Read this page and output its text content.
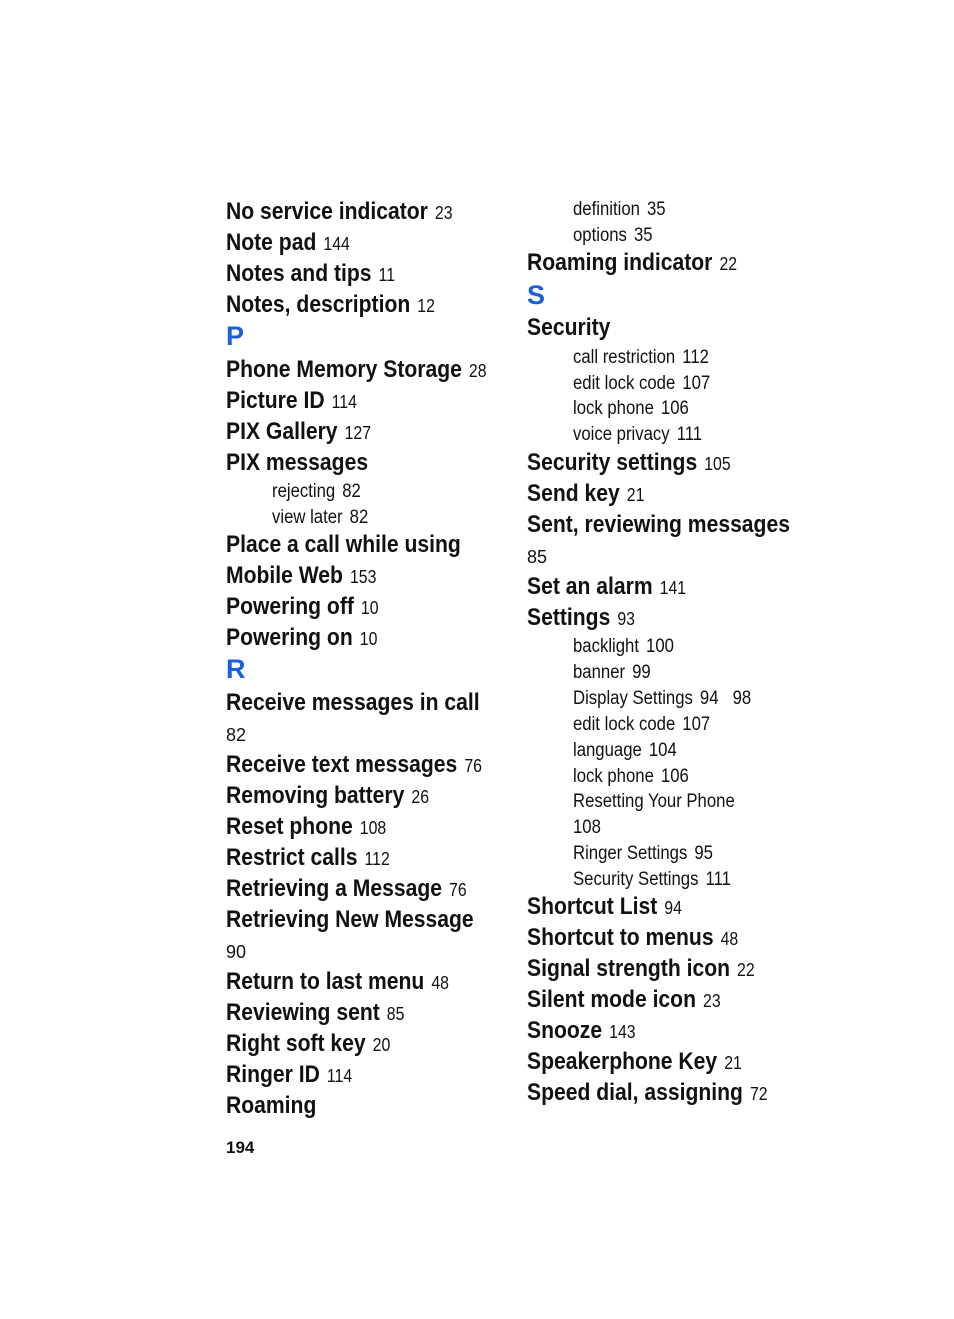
No service indicator 23
Note pad 144
Notes and tips 11
Notes, description 12
P
Phone Memory Storage 28
Picture ID 114
PIX Gallery 127
PIX messages
rejecting 82
view later 82
Place a call while using
Mobile Web 153
Powering off 10
Powering on 10
R
Receive messages in call
82
Receive text messages 76
Removing battery 26
Reset phone 108
Restrict calls 112
Retrieving a Message 76
Retrieving New Message
90
Return to last menu 48
Reviewing sent 85
Right soft key 20
Ringer ID 114
Roaming
definition 35
options 35
Roaming indicator 22
S
Security
call restriction 112
edit lock code 107
lock phone 106
voice privacy 111
Security settings 105
Send key 21
Sent, reviewing messages
85
Set an alarm 141
Settings 93
backlight 100
banner 99
Display Settings 94 98
edit lock code 107
language 104
lock phone 106
Resetting Your Phone
108
Ringer Settings 95
Security Settings 111
Shortcut List 94
Shortcut to menus 48
Signal strength icon 22
Silent mode icon 23
Snooze 143
Speakerphone Key 21
Speed dial, assigning 72
194
